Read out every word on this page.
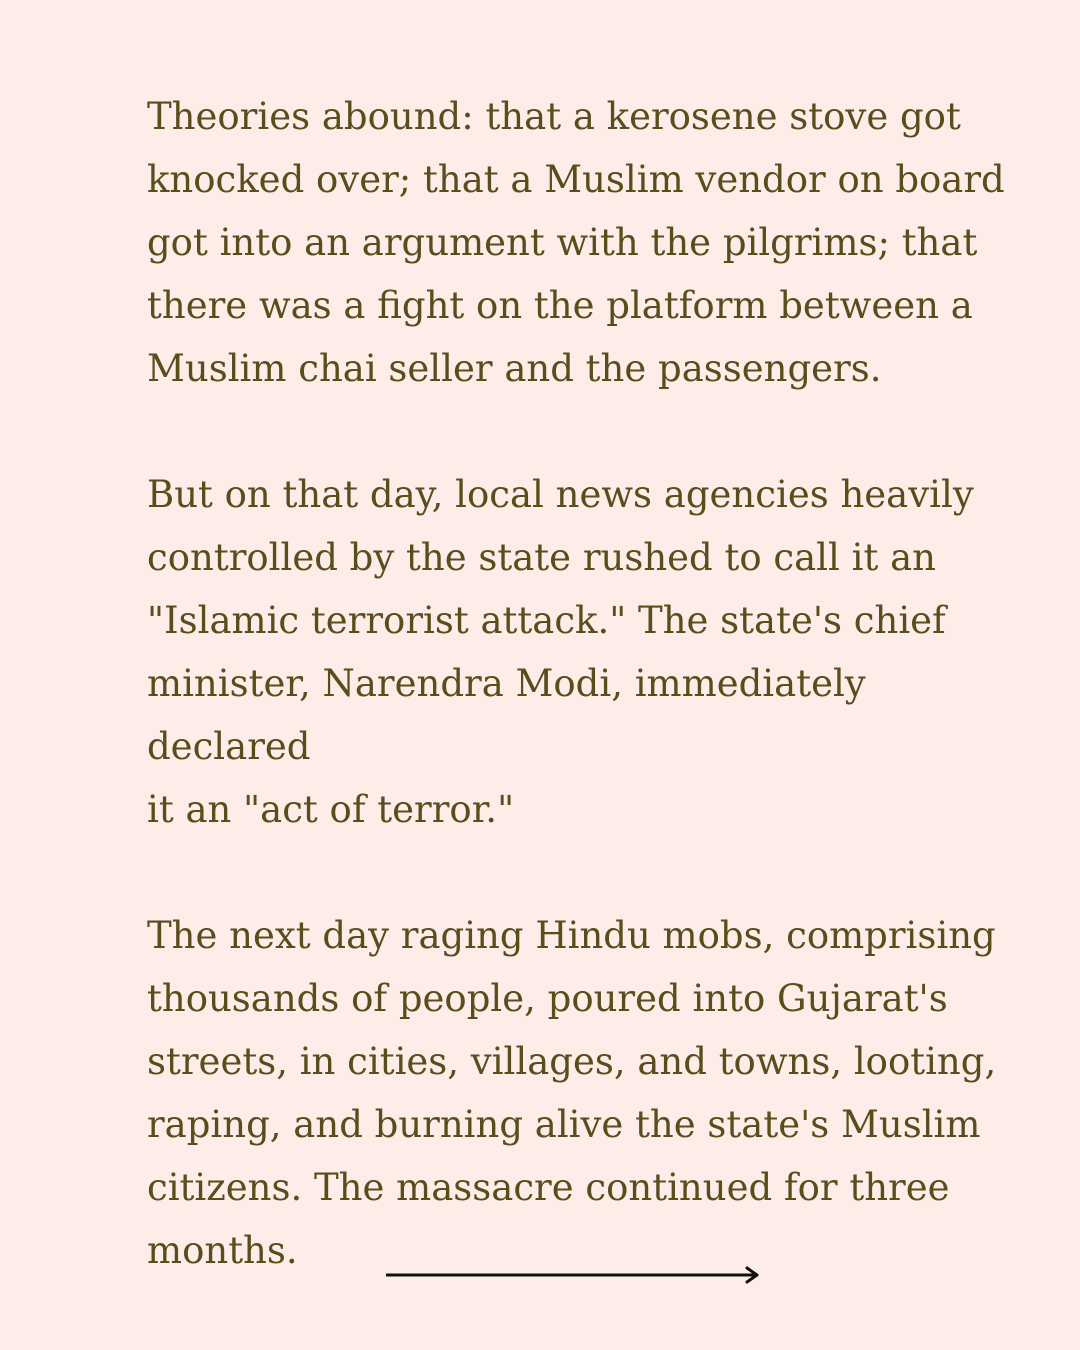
Theories abound: that a kerosene stove got
knocked over; that a Muslim vendor on board
got into an argument with the pilgrims; that
there was a fight on the platform between a
Muslim chai seller and the passengers.

But on that day, local news agencies heavily
controlled by the state rushed to call it an
"Islamic terrorist attack." The state's chief
minister, Narendra Modi, immediately declared
it an "act of terror."

The next day raging Hindu mobs, comprising
thousands of people, poured into Gujarat's
streets, in cities, villages, and towns, looting,
raping, and burning alive the state's Muslim
citizens. The massacre continued for three
months.
